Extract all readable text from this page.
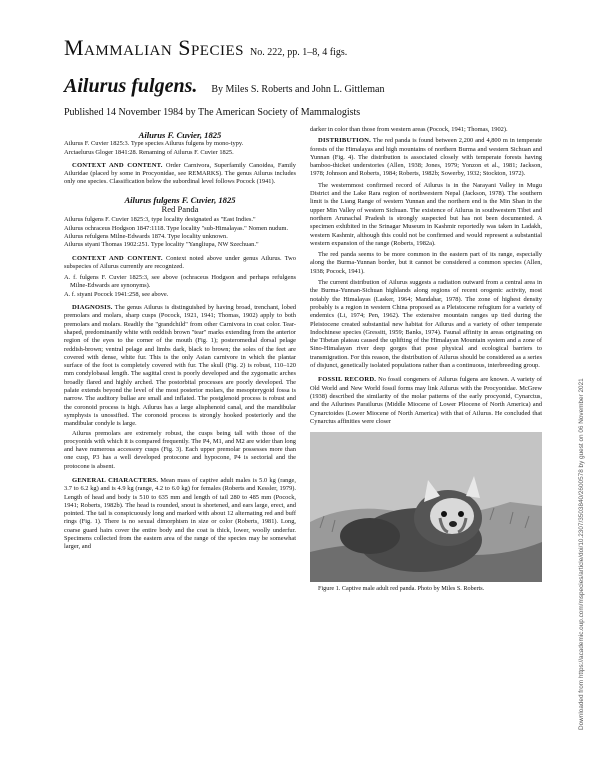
Mammalian Species No. 222, pp. 1–8, 4 figs.
Ailurus fulgens. By Miles S. Roberts and John L. Gittleman
Published 14 November 1984 by The American Society of Mammalogists
Ailurus F. Cuvier, 1825

Ailurus F. Cuvier 1825:3. Type species Ailurus fulgens by mono-typy.

Arctaelurus Gloger 1841:28. Renaming of Ailurus F. Cuvier 1825.

CONTEXT AND CONTENT. Order Carnivora, Superfamily Canoidea, Family Ailuridae (placed by some in Procyonidae, see REMARKS). The genus Ailurus includes only one species. Classification below the subordinal level follows Pocock (1941).

Ailurus fulgens F. Cuvier, 1825
Red Panda

Ailurus fulgens F. Cuvier 1825:3, type locality designated as "East Indies."

Ailurus ochraceus Hodgson 1847:1118. Type locality "sub-Himalayas." Nomen nudum.

Ailurus refulgens Milne-Edwards 1874. Type locality unknown.

Ailurus styani Thomas 1902:251. Type locality "Yangliupa, NW Szechuan."

CONTEXT AND CONTENT. Context noted above under genus Ailurus. Two subspecies of Ailurus currently are recognized.

A. f. fulgens F. Cuvier 1825:3, see above (ochraceus Hodgson and perhaps refulgens Milne-Edwards are synonyms).

A. f. styani Pocock 1941:258, see above.

DIAGNOSIS. The genus Ailurus is distinguished by having broad, trenchant, lobed premolars and molars, sharp cusps (Pocock, 1921, 1941; Thomas, 1902) apply to both premolars and molars. Readily the "grandchild" from other Carnivora in coat color. Tear-shaped, predominantly white with reddish brown "tear" marks extending from the anterior region of the eyes to the corner of the mouth (Fig. 1); posteromedial dorsal pelage reddish-brown; ventral pelage and limbs dark, black to brown; the soles of the feet are covered with dense, white fur. This is the only Asian carnivore in which the plantar surface of the foot is completely covered with fur. The skull (Fig. 2) is robust, 110–120 mm condylobasal length. The sagittal crest is poorly developed and the zygomatic arches broadly flared and highly arched. The postorbital processes are poorly developed. The palate extends beyond the level of the most posterior molars, the mesopterygoid fossa is narrow. The auditory bullae are small and inflated. The postglenoid process is robust and the coronoid process is high. Ailurus has a large alisphenoid canal, and the mandibular symphysis is unossified. The coronoid process is strongly hooked posteriorly and the mandibular condyle is large.

Ailurus premolars are extremely robust, the cusps being tall with those of the procyonids with which it is compared frequently. The P4, M1, and M2 are wider than long and have numerous accessory cusps (Fig. 3). Each upper premolar possesses more than one cusp, P3 has a well developed protocone and hypocone, P4 is sectorial and the protocone is absent.

GENERAL CHARACTERS. Mean mass of captive adult males is 5.0 kg (range, 3.7 to 6.2 kg) and is 4.9 kg (range, 4.2 to 6.0 kg) for females (Roberts and Kessler, 1979). Length of head and body is 510 to 635 mm and length of tail 280 to 485 mm (Pocock, 1941; Roberts, 1982b). The head is rounded, snout is shortened, and ears large, erect, and pointed. The tail is conspicuously long and marked with about 12 alternating red and buff rings (Fig. 1). There is no sexual dimorphism in size or color (Roberts, 1981). Long, coarse guard hairs cover the entire body and the coat is thick, lower, woolly underfur. Specimens collected from the eastern area of the range of the species may be somewhat larger, and

darker in color than those from western areas (Pocock, 1941; Thomas, 1902).

DISTRIBUTION. The red panda is found between 2,200 and 4,800 m in temperate forests of the Himalayas and high mountains of northern Burma and western Sichuan and Yunnan (Fig. 4). The distribution is associated closely with temperate forests having bamboo-thicket understories (Allen, 1938; Jones, 1979; Yonzon et al., 1981; Jackson, 1978; Johnson and Roberts, 1984; Roberts, 1982b; Sowerby, 1932; Stockton, 1972).

The westernmost confirmed record of Ailurus is in the Narayani Valley in Mugu District and the Lake Rara region of northwestern Nepal (Jackson, 1978). The southern limit is the Liang Range of western Yunnan and the northern end is the Min Shan in the upper Min Valley of western Sichuan. The existence of Ailurus in southwestern Tibet and northern Arunachal Pradesh is strongly suspected but has not been documented. A specimen exhibited in the Srinagar Museum in Kashmir reportedly was taken in Ladakh, western Kashmir, although this could not be confirmed and would represent a substantial western expansion of the range (Roberts, 1982a).

The red panda seems to be more common in the eastern part of its range, especially along the Burma-Yunnan border, but it cannot be considered a common species (Allen, 1938; Pocock, 1941).

The current distribution of Ailurus suggests a radiation outward from a central area in the Burma-Yunnan-Sichuan highlands along regions of recent orogenic activity, most notably the Himalayas (Lasker, 1964; Mandahar, 1978). The zone of highest density probably is a region in western China proposed as a Pleistocene refugium for a variety of endemics (Li, 1974; Pen, 1962). The extensive mountain ranges up tied during the Pleistocene created substantial new habitat for Ailurus and a variety of other temperate Indochinese species (Gressitt, 1959; Banks, 1974). Faunal affinity in areas originating on the Tibetan plateau caused the uplifting of the Himalayan Mountain system and a zone of Sino-Himalayan river deep gorges that pose physical and ecological barriers to transmigration. For this reason, the distribution of Ailurus should be considered as a series of disjunct, genetically isolated populations rather than a continuous, interbreeding group.

FOSSIL RECORD. No fossil congeners of Ailurus fulgens are known. A variety of Old World and New World fossil forms may link Ailurus with the Procyonidae. McGrew (1938) described the similarity of the molar patterns of the early procyonid, Cynarctus, and the Ailurines Parailurus (Middle Miocene of Lower Pliocene of North America) and Cynarctoides (Lower Miocene of North America) with that of Ailurus. He concluded that Cynarctus affinities were closer

Figure 1. Captive male adult red panda. Photo by Miles S. Roberts.	Downloaded from https://academic.oup.com/mspecies/article/doi/10.2307/3503840/2600578 by guest on 06 November 2021
